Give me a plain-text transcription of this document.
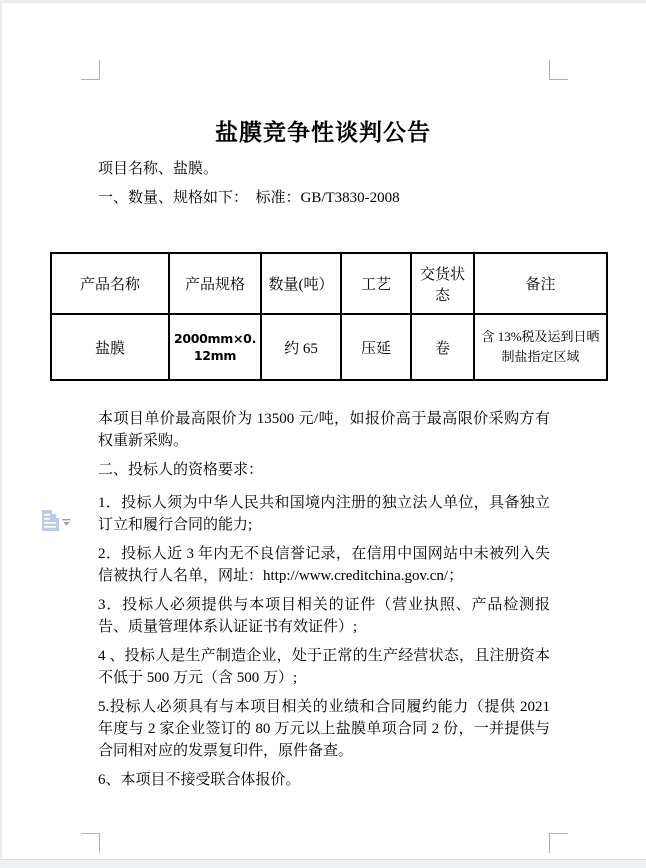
盐膜竞争性谈判公告
项目名称、盐膜。
一、数量、规格如下：  标准：GB/T3830-2008
产品名称	产品规格	数量(吨）	工艺	交货状态	备注
盐膜	2000mm×0.12mm	约 65	压延	卷	含 13%税及运到日晒制盐指定区域

本项目单价最高限价为 13500 元/吨，如报价高于最高限价采购方有权重新采购。

二、投标人的资格要求：

1．投标人须为中华人民共和国境内注册的独立法人单位，具备独立订立和履行合同的能力;

2．投标人近 3 年内无不良信誉记录，在信用中国网站中未被列入失信被执行人名单，网址：http://www.creditchina.gov.cn/；

3．投标人必须提供与本项目相关的证件（营业执照、产品检测报告、质量管理体系认证证书有效证件）;

4 、投标人是生产制造企业，处于正常的生产经营状态，且注册资本不低于 500 万元（含 500 万）;

5.投标人必须具有与本项目相关的业绩和合同履约能力（提供 2021 年度与 2 家企业签订的 80 万元以上盐膜单项合同 2 份，一并提供与合同相对应的发票复印件，原件备查。

6、本项目不接受联合体报价。
